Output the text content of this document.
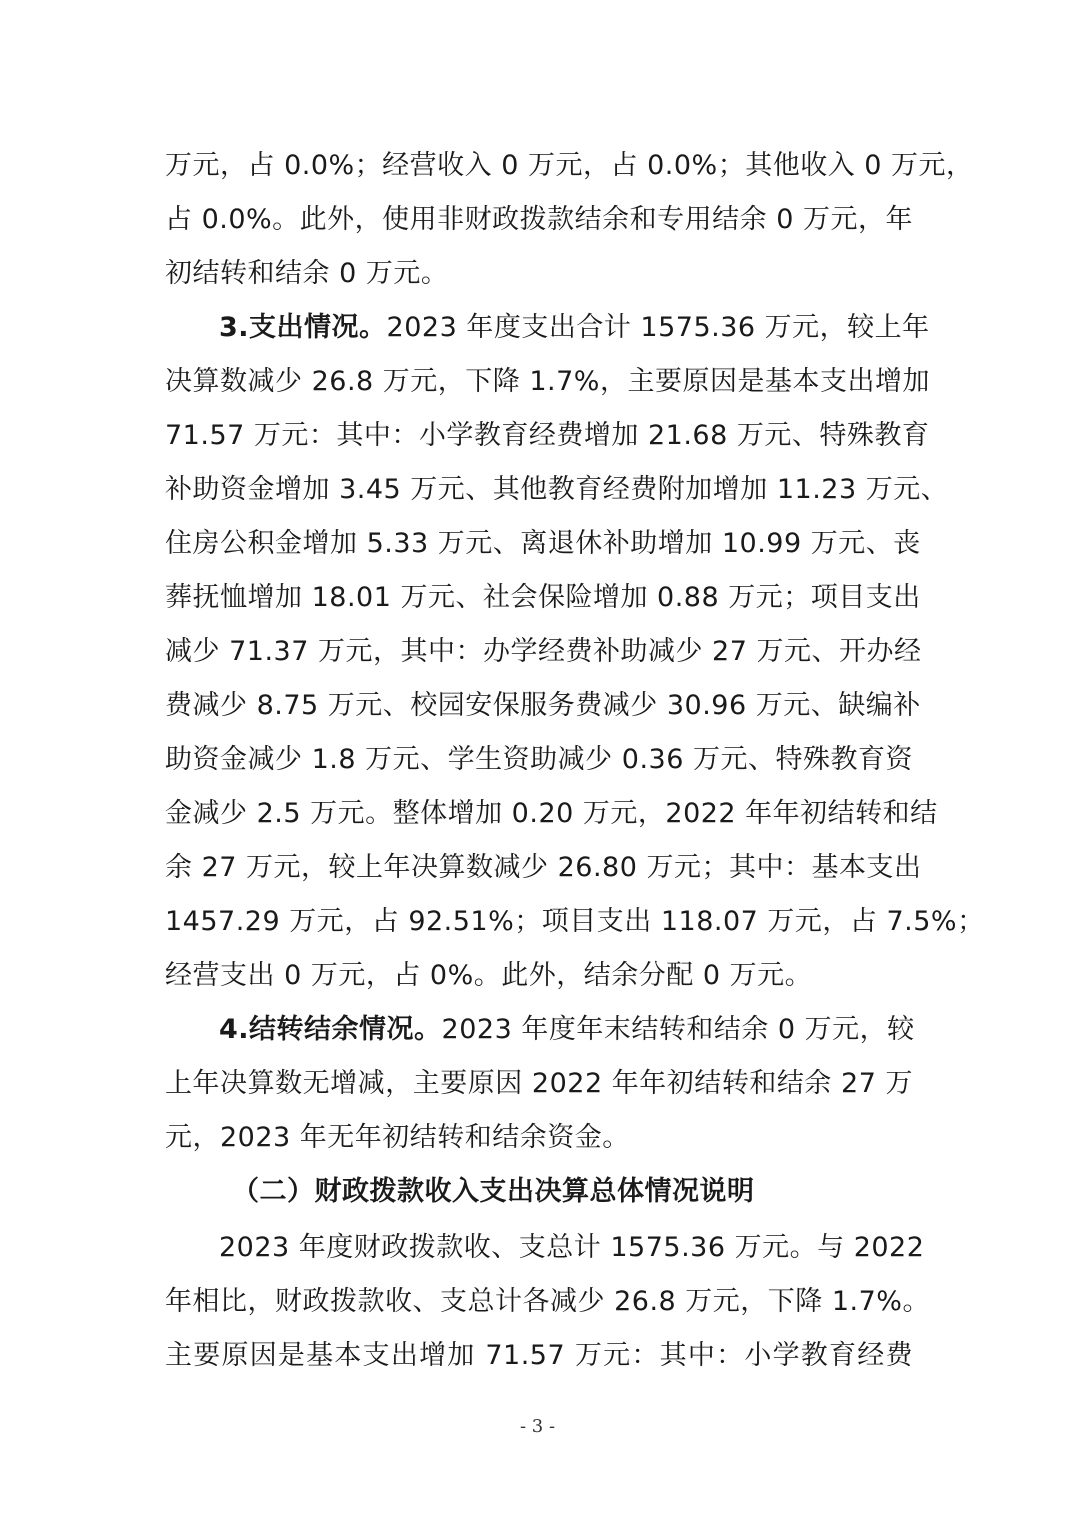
万元，占 0.0%；经营收入 0 万元，占 0.0%；其他收入 0 万元，
占 0.0%。此外，使用非财政拨款结余和专用结余 0 万元，年
初结转和结余 0 万元。
3.支出情况。2023 年度支出合计 1575.36 万元，较上年
决算数减少 26.8 万元，下降 1.7%，主要原因是基本支出增加
71.57 万元：其中：小学教育经费增加 21.68 万元、特殊教育
补助资金增加 3.45 万元、其他教育经费附加增加 11.23 万元、
住房公积金增加 5.33 万元、离退休补助增加 10.99 万元、丧
葬抚恤增加 18.01 万元、社会保险增加 0.88 万元；项目支出
减少 71.37 万元，其中：办学经费补助减少 27 万元、开办经
费减少 8.75 万元、校园安保服务费减少 30.96 万元、缺编补
助资金减少 1.8 万元、学生资助减少 0.36 万元、特殊教育资
金减少 2.5 万元。整体增加 0.20 万元，2022 年年初结转和结
余 27 万元，较上年决算数减少 26.80 万元；其中：基本支出
1457.29 万元，占 92.51%；项目支出 118.07 万元，占 7.5%；
经营支出 0 万元，占 0%。此外，结余分配 0 万元。
4.结转结余情况。2023 年度年末结转和结余 0 万元，较
上年决算数无增减，主要原因 2022 年年初结转和结余 27 万
元，2023 年无年初结转和结余资金。
（二）财政拨款收入支出决算总体情况说明
2023 年度财政拨款收、支总计 1575.36 万元。与 2022
年相比，财政拨款收、支总计各减少 26.8 万元，下降 1.7%。
主要原因是基本支出增加 71.57 万元：其中：小学教育经费
- 3 -
